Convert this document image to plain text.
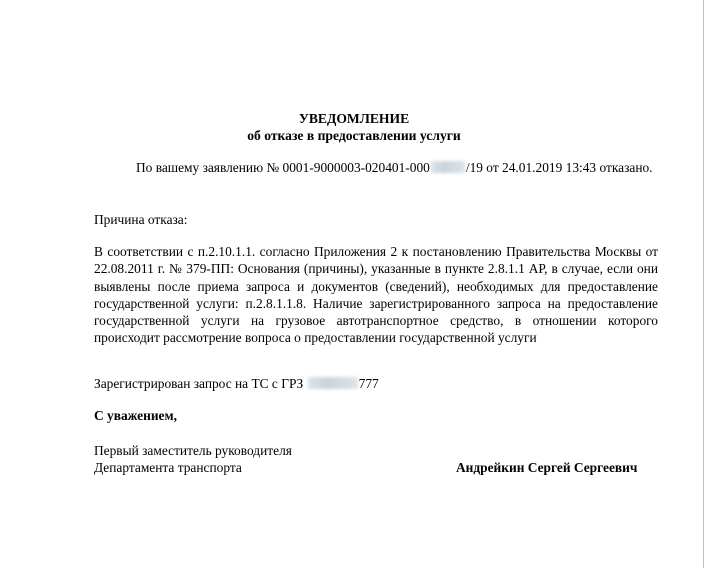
УВЕДОМЛЕНИЕ
об отказе в предоставлении услуги
По вашему заявлению № 0001-9000003-020401-000	/19 от 24.01.2019 13:43 отказано.
Причина отказа:
В соответствии с п.2.10.1.1. согласно Приложения 2 к постановлению Правительства Москвы от 22.08.2011 г. № 379-ПП: Основания (причины), указанные в пункте 2.8.1.1 АР, в случае, если они выявлены после приема запроса и документов (сведений), необходимых для предоставление государственной услуги: п.2.8.1.1.8. Наличие зарегистрированного запроса на предоставление государственной услуги на грузовое автотранспортное средство, в отношении которого происходит рассмотрение вопроса о предоставлении государственной услуги
Зарегистрирован запрос на ТС с ГРЗ	777
С уважением,
Первый заместитель руководителя
Департамента транспорта	Андрейкин Сергей Сергеевич
